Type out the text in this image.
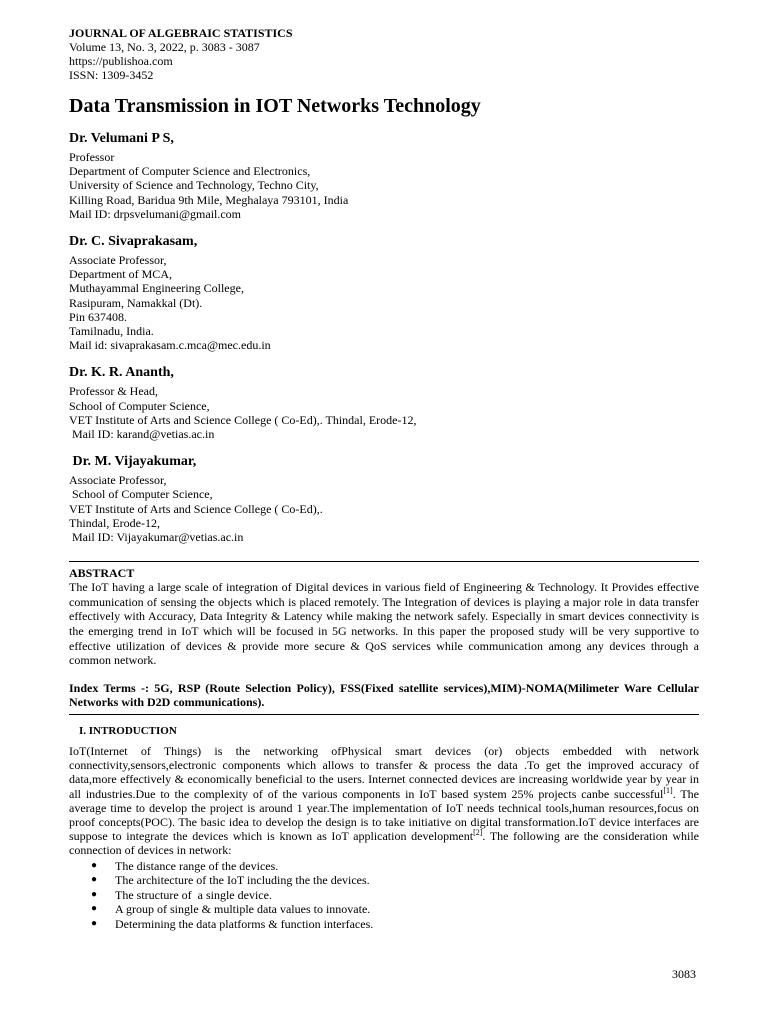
JOURNAL OF ALGEBRAIC STATISTICS
Volume 13, No. 3, 2022, p. 3083 - 3087
https://publishoa.com
ISSN: 1309-3452
Data Transmission in IOT Networks Technology
Dr. Velumani P S,
Professor
Department of Computer Science and Electronics,
University of Science and Technology, Techno City,
Killing Road, Baridua 9th Mile, Meghalaya 793101, India
Mail ID: drpsvelumani@gmail.com
Dr. C. Sivaprakasam,
Associate Professor,
Department of MCA,
Muthayammal Engineering College,
Rasipuram, Namakkal (Dt).
Pin 637408.
Tamilnadu, India.
Mail id: sivaprakasam.c.mca@mec.edu.in
Dr. K. R. Ananth,
Professor & Head,
School of Computer Science,
VET Institute of Arts and Science College ( Co-Ed),. Thindal, Erode-12,
Mail ID: karand@vetias.ac.in
Dr. M. Vijayakumar,
Associate Professor,
School of Computer Science,
VET Institute of Arts and Science College ( Co-Ed),.
Thindal, Erode-12,
Mail ID: Vijayakumar@vetias.ac.in
ABSTRACT
The IoT having a large scale of integration of Digital devices in various field of Engineering & Technology. It Provides effective communication of sensing the objects which is placed remotely. The Integration of devices is playing a major role in data transfer effectively with Accuracy, Data Integrity & Latency while making the network safely. Especially in smart devices connectivity is the emerging trend in IoT which will be focused in 5G networks. In this paper the proposed study will be very supportive to effective utilization of devices & provide more secure & QoS services while communication among any devices through a common network.
Index Terms -: 5G, RSP (Route Selection Policy), FSS(Fixed satellite services),MIM)-NOMA(Milimeter Ware Cellular Networks with D2D communications).
I. INTRODUCTION
IoT(Internet of Things) is the networking ofPhysical smart devices (or) objects embedded with network connectivity,sensors,electronic components which allows to transfer & process the data .To get the improved accuracy of data,more effectively & economically beneficial to the users. Internet connected devices are increasing worldwide year by year in all industries.Due to the complexity of of the various components in IoT based system 25% projects canbe successful[1]. The average time to develop the project is around 1 year.The implementation of IoT needs technical tools,human resources,focus on proof concepts(POC). The basic idea to develop the design is to take initiative on digital transformation.IoT device interfaces are suppose to integrate the devices which is known as IoT application development[2]. The following are the consideration while connection of devices in network:
● The distance range of the devices.
● The architecture of the IoT including the the devices.
● The structure of  a single device.
● A group of single & multiple data values to innovate.
● Determining the data platforms & function interfaces.
3083
